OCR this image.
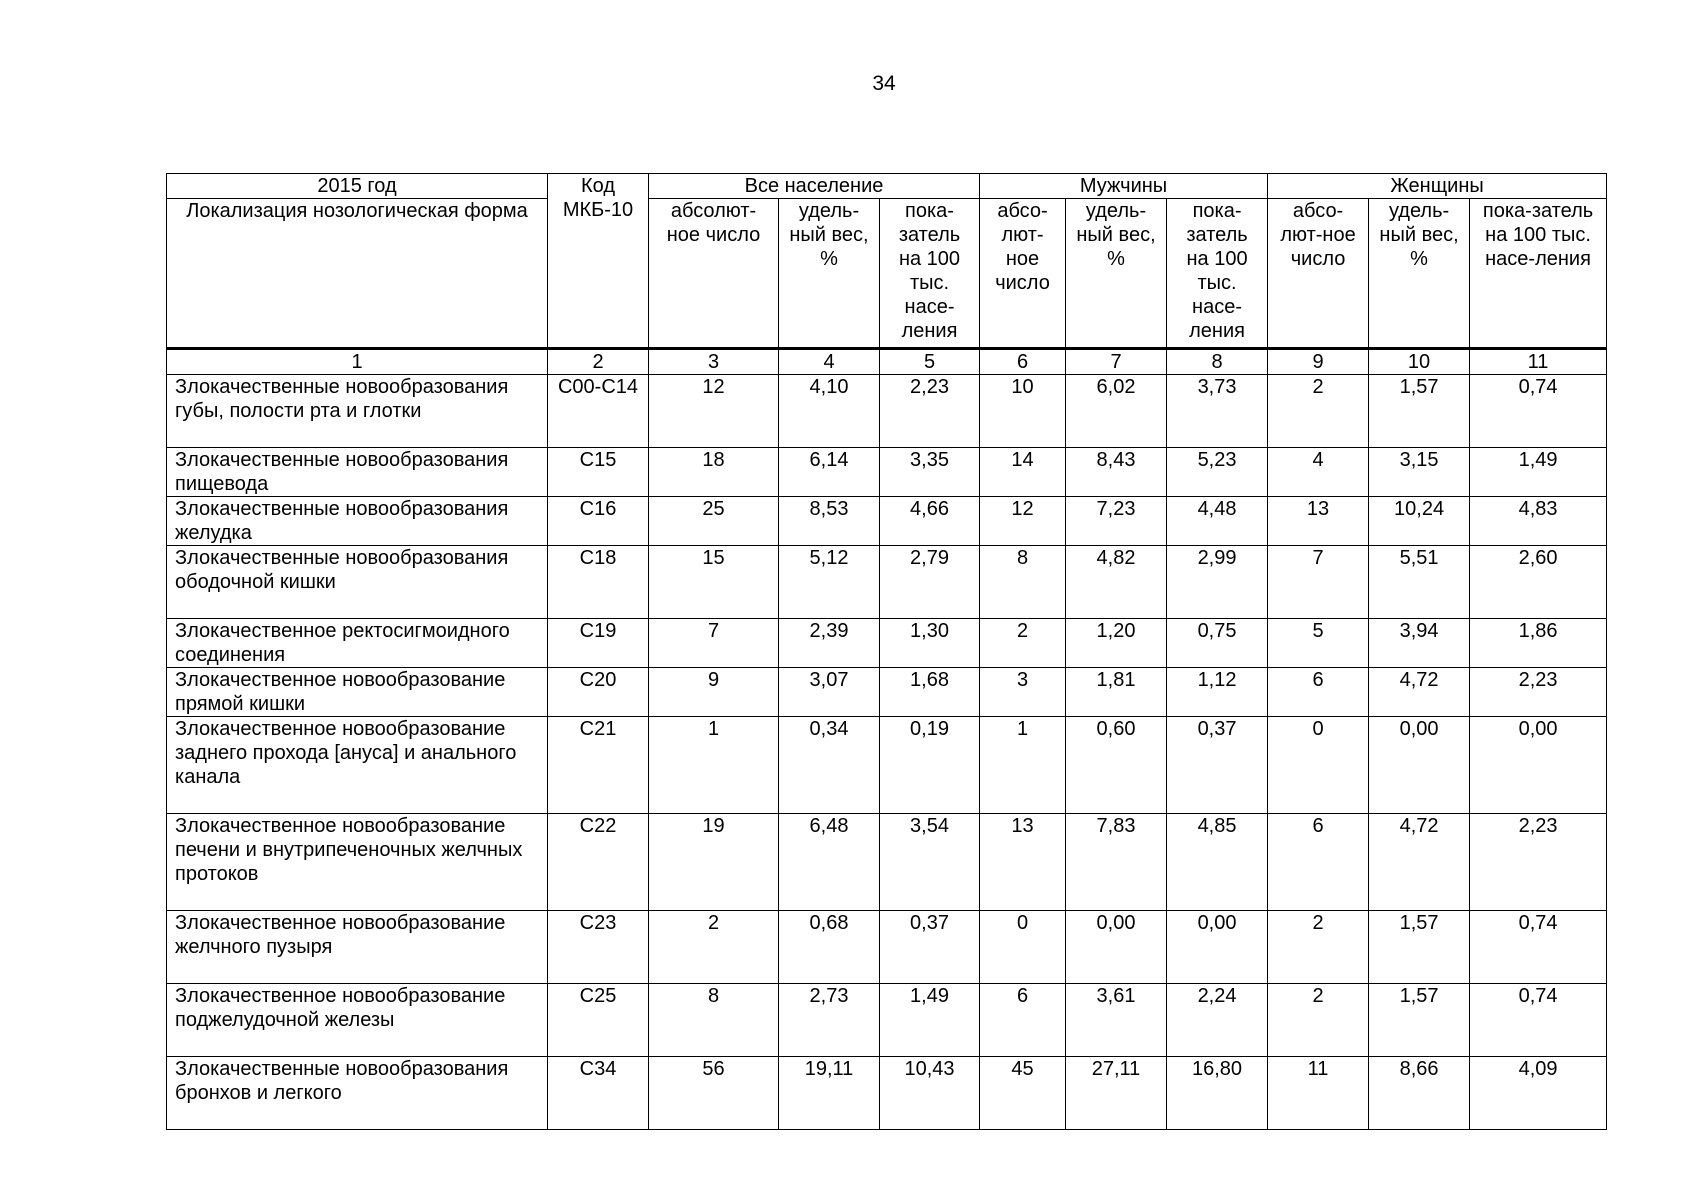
34
2015 год	Код МКБ-10	Все население			Мужчины			Женщины		
Локализация нозологическая форма		абсолют-ное число	удель-ный вес, %	пока-затель на 100 тыс. насе-ления	абсо-лют-ное число	удель-ный вес, %	пока-затель на 100 тыс. насе-ления	абсо-лют-ное число	удель-ный вес, %	пока-затель на 100 тыс. насе-ления
1	2	3	4	5	6	7	8	9	10	11
Злокачественные новообразования губы, полости рта и глотки	С00-С14	12	4,10	2,23	10	6,02	3,73	2	1,57	0,74
Злокачественные новообразования пищевода	С15	18	6,14	3,35	14	8,43	5,23	4	3,15	1,49
Злокачественные новообразования желудка	С16	25	8,53	4,66	12	7,23	4,48	13	10,24	4,83
Злокачественные новообразования ободочной кишки	С18	15	5,12	2,79	8	4,82	2,99	7	5,51	2,60
Злокачественное ректосигмоидного соединения	С19	7	2,39	1,30	2	1,20	0,75	5	3,94	1,86
Злокачественное новообразование прямой кишки	С20	9	3,07	1,68	3	1,81	1,12	6	4,72	2,23
Злокачественное новообразование заднего прохода [ануса] и анального канала	С21	1	0,34	0,19	1	0,60	0,37	0	0,00	0,00
Злокачественное новообразование печени и внутрипеченочных желчных протоков	С22	19	6,48	3,54	13	7,83	4,85	6	4,72	2,23
Злокачественное новообразование желчного пузыря	С23	2	0,68	0,37	0	0,00	0,00	2	1,57	0,74
Злокачественное новообразование поджелудочной железы	С25	8	2,73	1,49	6	3,61	2,24	2	1,57	0,74
Злокачественные новообразования бронхов и легкого	С34	56	19,11	10,43	45	27,11	16,80	11	8,66	4,09
